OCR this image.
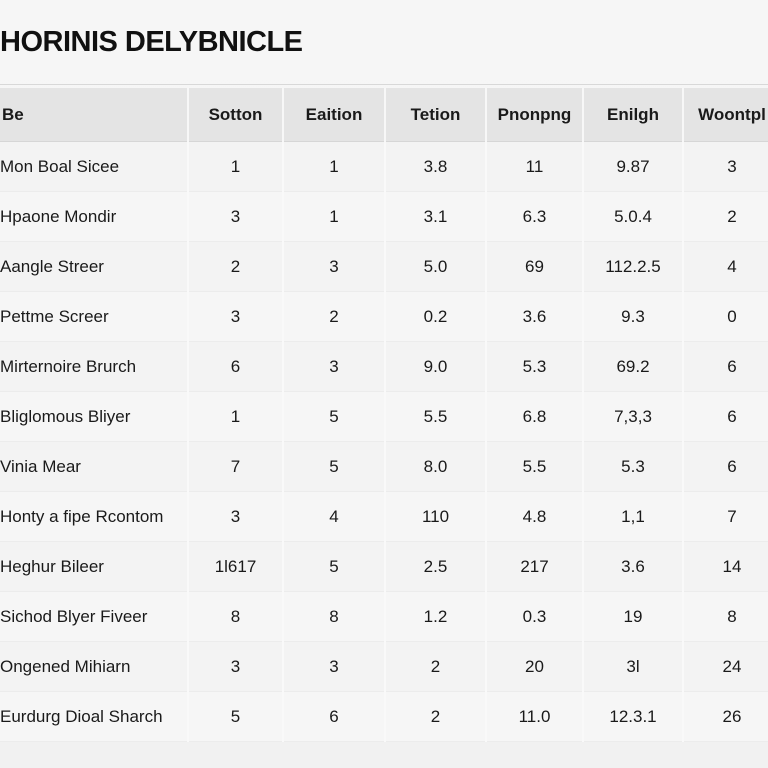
HORINIS DELYBNICLE
Be	Sotton	Eaition	Tetion	Pnonpng	Enilgh	Woontpl
Mon Boal Sicee	1	1	3.8	11	9.87	3
Hpaone Mondir	3	1	3.1	6.3	5.0.4	2
Aangle Streer	2	3	5.0	69	112.2.5	4
Pettme Screer	3	2	0.2	3.6	9.3	0
Mirternoire Brurch	6	3	9.0	5.3	69.2	6
Bliglomous Bliyer	1	5	5.5	6.8	7,3,3	6
Vinia Mear	7	5	8.0	5.5	5.3	6
Honty a fipe Rcontom	3	4	110	4.8	1,1	7
Heghur Bileer	1l617	5	2.5	217	3.6	14
Sichod Blyer Fiveer	8	8	1.2	0.3	19	8
Ongened Mihiarn	3	3	2	20	3l	24
Eurdurg Dioal Sharch	5	6	2	11.0	12.3.1	26
